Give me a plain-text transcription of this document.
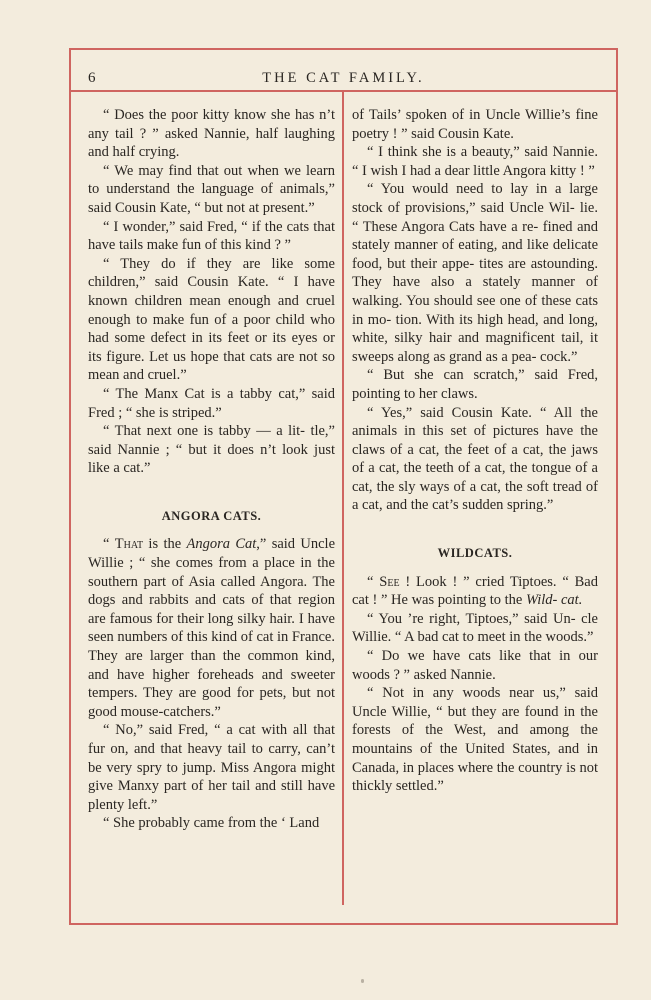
6	THE CAT FAMILY.

“ Does the poor kitty know she has n’t any tail ? ” asked Nannie, half laughing and half crying.

“ We may find that out when we learn to understand the language of animals,” said Cousin Kate, “ but not at present.”

“ I wonder,” said Fred, “ if the cats that have tails make fun of this kind ? ”

“ They do if they are like some children,” said Cousin Kate. “ I have known children mean enough and cruel enough to make fun of a poor child who had some defect in its feet or its eyes or its figure. Let us hope that cats are not so mean and cruel.”

“ The Manx Cat is a tabby cat,” said Fred ; “ she is striped.”

“ That next one is tabby — a lit- tle,” said Nannie ; “ but it does n’t look just like a cat.”

ANGORA CATS.

“ That is the Angora Cat,” said Uncle Willie ; “ she comes from a place in the southern part of Asia called Angora. The dogs and rabbits and cats of that region are famous for their long silky hair. I have seen numbers of this kind of cat in France. They are larger than the common kind, and have higher foreheads and sweeter tempers. They are good for pets, but not good mouse-catchers.”

“ No,” said Fred, “ a cat with all that fur on, and that heavy tail to carry, can’t be very spry to jump. Miss Angora might give Manxy part of her tail and still have plenty left.”

“ She probably came from the ‘ Land

of Tails’ spoken of in Uncle Willie’s fine poetry ! ” said Cousin Kate.

“ I think she is a beauty,” said Nannie. “ I wish I had a dear little Angora kitty ! ”

“ You would need to lay in a large stock of provisions,” said Uncle Wil- lie. “ These Angora Cats have a re- fined and stately manner of eating, and like delicate food, but their appe- tites are astounding. They have also a stately manner of walking. You should see one of these cats in mo- tion. With its high head, and long, white, silky hair and magnificent tail, it sweeps along as grand as a pea- cock.”

“ But she can scratch,” said Fred, pointing to her claws.

“ Yes,” said Cousin Kate. “ All the animals in this set of pictures have the claws of a cat, the feet of a cat, the jaws of a cat, the teeth of a cat, the tongue of a cat, the sly ways of a cat, the soft tread of a cat, and the cat’s sudden spring.”

WILDCATS.

“ See ! Look ! ” cried Tiptoes. “ Bad cat ! ” He was pointing to the Wild- cat.

“ You ’re right, Tiptoes,” said Un- cle Willie. “ A bad cat to meet in the woods.”

“ Do we have cats like that in our woods ? ” asked Nannie.

“ Not in any woods near us,” said Uncle Willie, “ but they are found in the forests of the West, and among the mountains of the United States, and in Canada, in places where the country is not thickly settled.”
